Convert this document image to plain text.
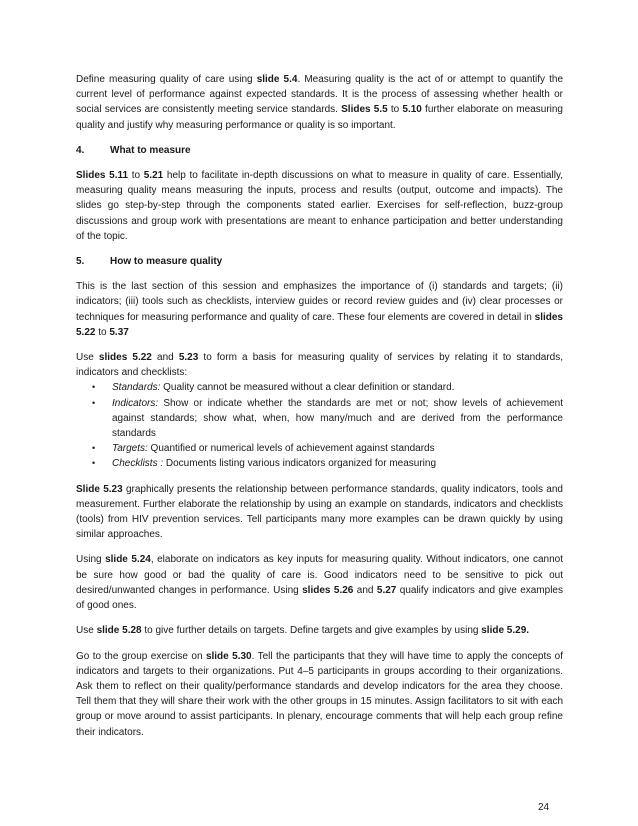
Define measuring quality of care using slide 5.4. Measuring quality is the act of or attempt to quantify the current level of performance against expected standards. It is the process of assessing whether health or social services are consistently meeting service standards. Slides 5.5 to 5.10 further elaborate on measuring quality and justify why measuring performance or quality is so important.

4.	What to measure

Slides 5.11 to 5.21 help to facilitate in-depth discussions on what to measure in quality of care. Essentially, measuring quality means measuring the inputs, process and results (output, outcome and impacts). The slides go step-by-step through the components stated earlier. Exercises for self-reflection, buzz-group discussions and group work with presentations are meant to enhance participation and better understanding of the topic.

5.	How to measure quality

This is the last section of this session and emphasizes the importance of (i) standards and targets; (ii) indicators; (iii) tools such as checklists, interview guides or record review guides and (iv) clear processes or techniques for measuring performance and quality of care. These four elements are covered in detail in slides 5.22 to 5.37

Use slides 5.22 and 5.23 to form a basis for measuring quality of services by relating it to standards, indicators and checklists:

• Standards: Quality cannot be measured without a clear definition or standard.
• Indicators: Show or indicate whether the standards are met or not; show levels of achievement against standards; show what, when, how many/much and are derived from the performance standards
• Targets: Quantified or numerical levels of achievement against standards
• Checklists : Documents listing various indicators organized for measuring

Slide 5.23 graphically presents the relationship between performance standards, quality indicators, tools and measurement. Further elaborate the relationship by using an example on standards, indicators and checklists (tools) from HIV prevention services. Tell participants many more examples can be drawn quickly by using similar approaches.

Using slide 5.24, elaborate on indicators as key inputs for measuring quality. Without indicators, one cannot be sure how good or bad the quality of care is. Good indicators need to be sensitive to pick out desired/unwanted changes in performance. Using slides 5.26 and 5.27 qualify indicators and give examples of good ones.

Use slide 5.28 to give further details on targets. Define targets and give examples by using slide 5.29.

Go to the group exercise on slide 5.30. Tell the participants that they will have time to apply the concepts of indicators and targets to their organizations. Put 4–5 participants in groups according to their organizations. Ask them to reflect on their quality/performance standards and develop indicators for the area they choose. Tell them that they will share their work with the other groups in 15 minutes. Assign facilitators to sit with each group or move around to assist participants. In plenary, encourage comments that will help each group refine their indicators.

24
